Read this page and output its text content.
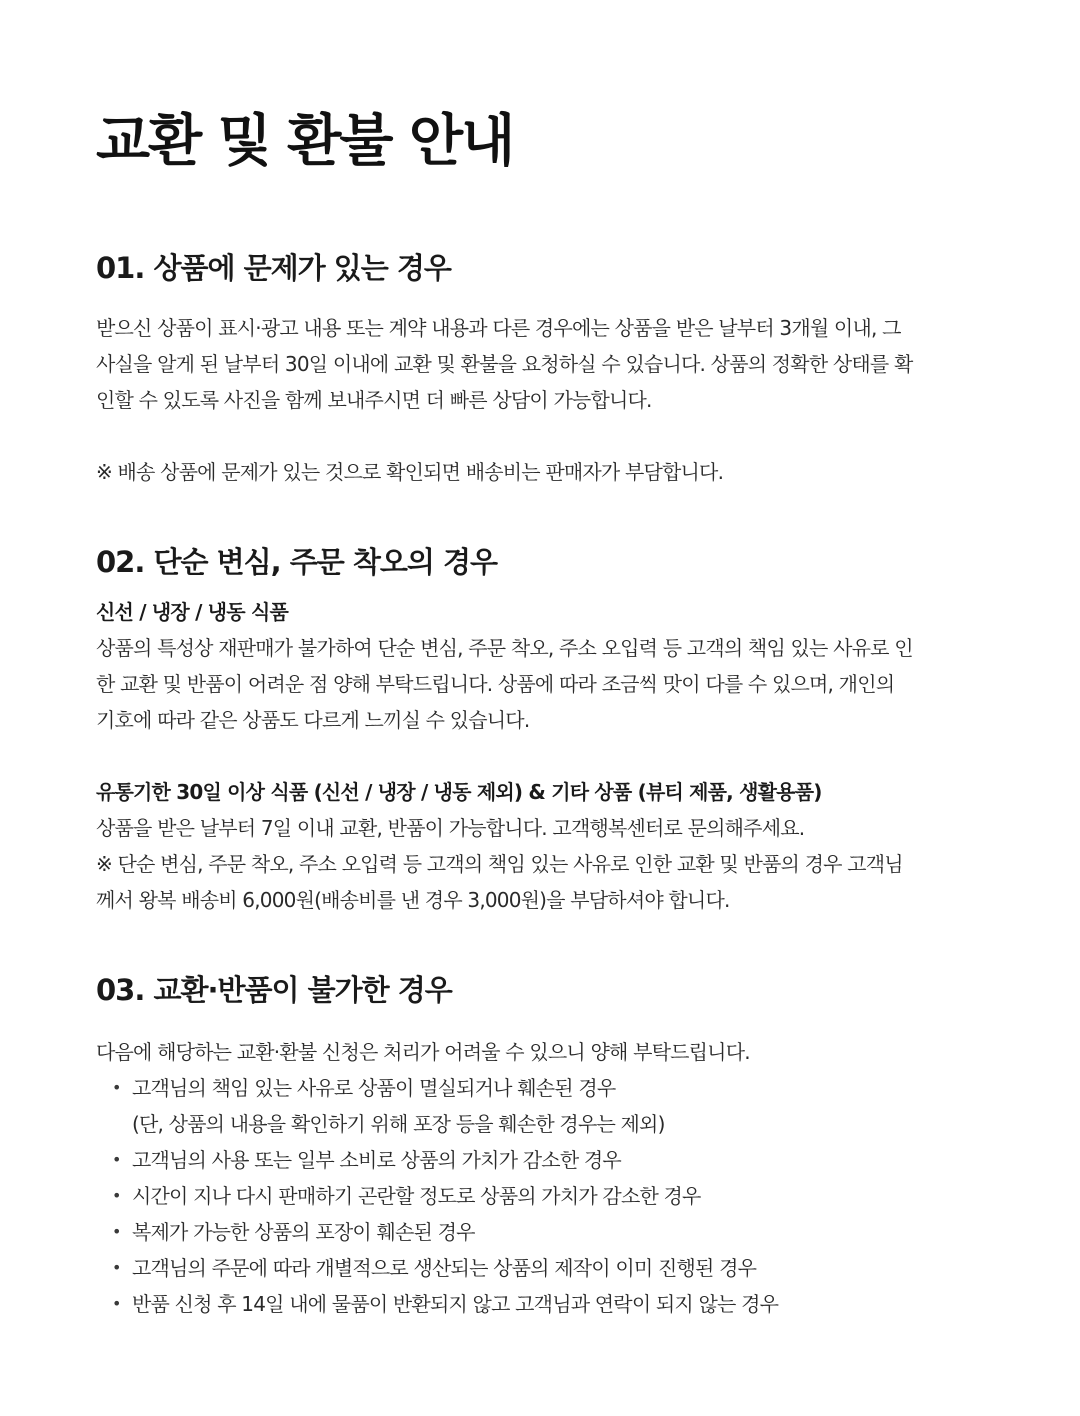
교환 및 환불 안내
01. 상품에 문제가 있는 경우

받으신 상품이 표시·광고 내용 또는 계약 내용과 다른 경우에는 상품을 받은 날부터 3개월 이내, 그
사실을 알게 된 날부터 30일 이내에 교환 및 환불을 요청하실 수 있습니다. 상품의 정확한 상태를 확
인할 수 있도록 사진을 함께 보내주시면 더 빠른 상담이 가능합니다.

※ 배송 상품에 문제가 있는 것으로 확인되면 배송비는 판매자가 부담합니다.

02. 단순 변심, 주문 착오의 경우

신선 / 냉장 / 냉동 식품

상품의 특성상 재판매가 불가하여 단순 변심, 주문 착오, 주소 오입력 등 고객의 책임 있는 사유로 인
한 교환 및 반품이 어려운 점 양해 부탁드립니다. 상품에 따라 조금씩 맛이 다를 수 있으며, 개인의
기호에 따라 같은 상품도 다르게 느끼실 수 있습니다.

유통기한 30일 이상 식품 (신선 / 냉장 / 냉동 제외) & 기타 상품 (뷰티 제품, 생활용품)

상품을 받은 날부터 7일 이내 교환, 반품이 가능합니다. 고객행복센터로 문의해주세요.
※ 단순 변심, 주문 착오, 주소 오입력 등 고객의 책임 있는 사유로 인한 교환 및 반품의 경우 고객님
께서 왕복 배송비 6,000원(배송비를 낸 경우 3,000원)을 부담하셔야 합니다.

03. 교환·반품이 불가한 경우

다음에 해당하는 교환·환불 신청은 처리가 어려울 수 있으니 양해 부탁드립니다.

• 고객님의 책임 있는 사유로 상품이 멸실되거나 훼손된 경우
(단, 상품의 내용을 확인하기 위해 포장 등을 훼손한 경우는 제외)
• 고객님의 사용 또는 일부 소비로 상품의 가치가 감소한 경우
• 시간이 지나 다시 판매하기 곤란할 정도로 상품의 가치가 감소한 경우
• 복제가 가능한 상품의 포장이 훼손된 경우
• 고객님의 주문에 따라 개별적으로 생산되는 상품의 제작이 이미 진행된 경우
• 반품 신청 후 14일 내에 물품이 반환되지 않고 고객님과 연락이 되지 않는 경우
